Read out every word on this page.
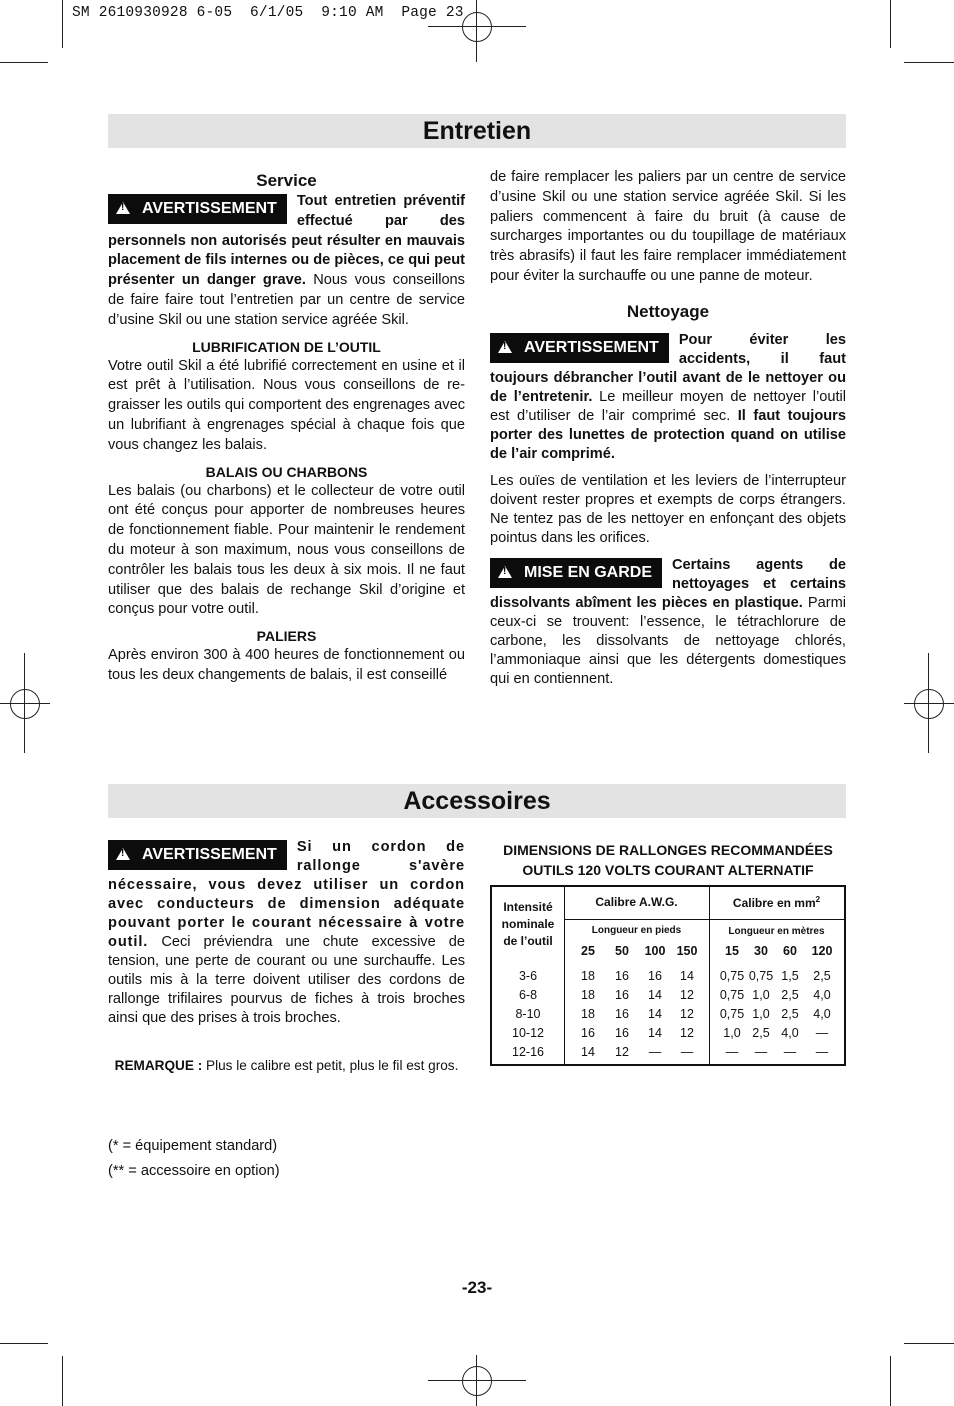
SM 2610930928 6-05  6/1/05  9:10 AM  Page 23
Entretien

Service

!AVERTISSEMENT	Tout entretien préventif effectué par des personnels non autorisés peut résulter en mauvais placement de fils internes ou de pièces, ce qui peut présenter un danger grave. Nous vous conseillons de faire faire tout l’entretien par un centre de service d’usine Skil ou une station service agréée Skil.

LUBRIFICATION DE L’OUTIL

Votre outil Skil a été lubrifié correctement en usine et il est prêt à l’utilisation. Nous vous conseillons de re-graisser les outils qui comportent des engrenages avec un lubrifiant à engrenages spécial à chaque fois que vous changez les balais.

BALAIS OU CHARBONS

Les balais (ou charbons) et le collecteur de votre outil ont été conçus pour apporter de nombreuses heures de fonctionnement fiable. Pour maintenir le rendement du moteur à son maximum, nous vous conseillons de contrôler les balais tous les deux à six mois. Il ne faut utiliser que des balais de rechange Skil d’origine et conçus pour votre outil.

PALIERS

Après environ 300 à 400 heures de fonctionnement ou tous les deux changements de balais, il est conseillé

de faire remplacer les paliers par un centre de service d’usine Skil ou une station service agréée Skil. Si les paliers commencent à faire du bruit (à cause de surcharges importantes ou du toupillage de matériaux très abrasifs) il faut les faire remplacer immédiatement pour éviter la surchauffe ou une panne de moteur.

Nettoyage

!AVERTISSEMENT	Pour éviter les accidents, il faut toujours débrancher l’outil avant de le nettoyer ou de l’entretenir. Le meilleur moyen de nettoyer l’outil est d’utiliser de l’air comprimé sec. Il faut toujours porter des lunettes de protection quand on utilise de l’air comprimé.

Les ouïes de ventilation et les leviers de l’interrupteur doivent rester propres et exempts de corps étrangers. Ne tentez pas de les nettoyer en enfonçant des objets pointus dans les orifices.

!MISE EN GARDE	Certains agents de nettoyages et certains dissolvants abîment les pièces en plastique. Parmi ceux-ci se trouvent: l’essence, le tétrachlorure de carbone, les dissolvants de nettoyage chlorés, l’ammoniaque ainsi que les détergents domestiques qui en contiennent.

Accessoires

!AVERTISSEMENT	Si un cordon de rallonge s'avère nécessaire, vous devez utiliser un cordon avec conducteurs de dimension adéquate pouvant porter le courant nécessaire à votre outil. Ceci préviendra une chute excessive de tension, une perte de courant ou une surchauffe. Les outils mis à la terre doivent utiliser des cordons de rallonge trifilaires pourvus de fiches à trois broches ainsi que des prises à trois broches.

REMARQUE : Plus le calibre est petit, plus le fil est gros.

DIMENSIONS DE RALLONGES RECOMMANDÉES
OUTILS 120 VOLTS COURANT ALTERNATIF
Intensité
nominale
de l’outil
Calibre A.W.G.	Calibre en $mm^2$
Longueur en pieds	Longueur en mètres
25	50	100 150	15	30	60	120
3-6	18	16	16	14	0,75 0,75 1,5	2,5
6-8	18	16	14	12	0,75 1,0 2,5	4,0
8-10	18	16	14	12	0,75 1,0 2,5	4,0
10-12	16	16	14	12	1,0 2,5 4,0	—
12-16	14	12	—	—	—	—	—	—
(* = équipement standard)
(** = accessoire en option)
-23-
